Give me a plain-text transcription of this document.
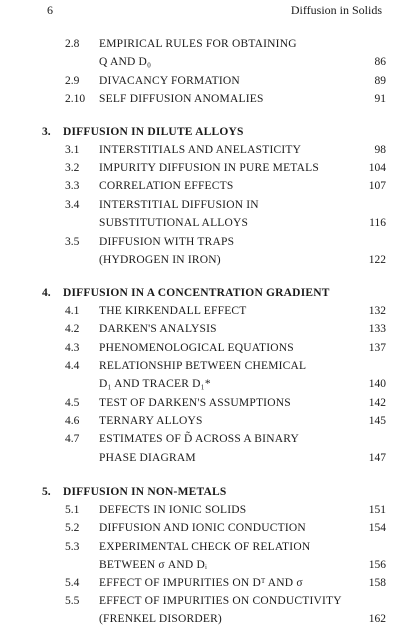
6	Diffusion in Solids
2.8 EMPIRICAL RULES FOR OBTAINING
Q AND D₀	86
2.9 DIVACANCY FORMATION	89
2.10 SELF DIFFUSION ANOMALIES	91
3. DIFFUSION IN DILUTE ALLOYS
3.1 INTERSTITIALS AND ANELASTICITY	98
3.2 IMPURITY DIFFUSION IN PURE METALS	104
3.3 CORRELATION EFFECTS	107
3.4 INTERSTITIAL DIFFUSION IN
SUBSTITUTIONAL ALLOYS	116
3.5 DIFFUSION WITH TRAPS
(HYDROGEN IN IRON)	122
4. DIFFUSION IN A CONCENTRATION GRADIENT
4.1 THE KIRKENDALL EFFECT	132
4.2 DARKEN'S ANALYSIS	133
4.3 PHENOMENOLOGICAL EQUATIONS	137
4.4 RELATIONSHIP BETWEEN CHEMICAL
D₁ AND TRACER D₁*	140
4.5 TEST OF DARKEN'S ASSUMPTIONS	142
4.6 TERNARY ALLOYS	145
4.7 ESTIMATES OF D̃ ACROSS A BINARY
PHASE DIAGRAM	147
5. DIFFUSION IN NON-METALS
5.1 DEFECTS IN IONIC SOLIDS	151
5.2 DIFFUSION AND IONIC CONDUCTION	154
5.3 EXPERIMENTAL CHECK OF RELATION
BETWEEN σ AND Dᵢ	156
5.4 EFFECT OF IMPURITIES ON Dᵀ AND σ	158
5.5 EFFECT OF IMPURITIES ON CONDUCTIVITY
(FRENKEL DISORDER)	162
